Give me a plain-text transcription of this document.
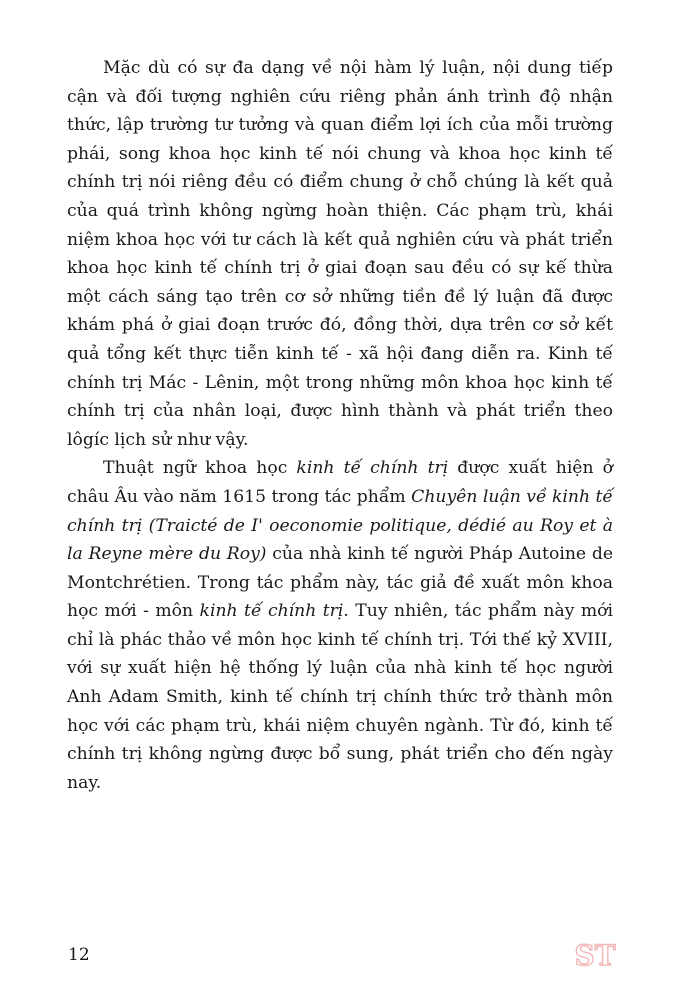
Mặc dù có sự đa dạng về nội hàm lý luận, nội dung tiếp cận và đối tượng nghiên cứu riêng phản ánh trình độ nhận thức, lập trường tư tưởng và quan điểm lợi ích của mỗi trường phái, song khoa học kinh tế nói chung và khoa học kinh tế chính trị nói riêng đều có điểm chung ở chỗ chúng là kết quả của quá trình không ngừng hoàn thiện. Các phạm trù, khái niệm khoa học với tư cách là kết quả nghiên cứu và phát triển khoa học kinh tế chính trị ở giai đoạn sau đều có sự kế thừa một cách sáng tạo trên cơ sở những tiền đề lý luận đã được khám phá ở giai đoạn trước đó, đồng thời, dựa trên cơ sở kết quả tổng kết thực tiễn kinh tế - xã hội đang diễn ra. Kinh tế chính trị Mác - Lênin, một trong những môn khoa học kinh tế chính trị của nhân loại, được hình thành và phát triển theo lôgíc lịch sử như vậy.

Thuật ngữ khoa học kinh tế chính trị được xuất hiện ở châu Âu vào năm 1615 trong tác phẩm Chuyên luận về kinh tế chính trị (Traicté de I' oeconomie politique, dédié au Roy et à la Reyne mère du Roy) của nhà kinh tế người Pháp Autoine de Montchrétien. Trong tác phẩm này, tác giả đề xuất môn khoa học mới - môn kinh tế chính trị. Tuy nhiên, tác phẩm này mới chỉ là phác thảo về môn học kinh tế chính trị. Tới thế kỷ XVIII, với sự xuất hiện hệ thống lý luận của nhà kinh tế học người Anh Adam Smith, kinh tế chính trị chính thức trở thành môn học với các phạm trù, khái niệm chuyên ngành. Từ đó, kinh tế chính trị không ngừng được bổ sung, phát triển cho đến ngày nay.

12	ST
